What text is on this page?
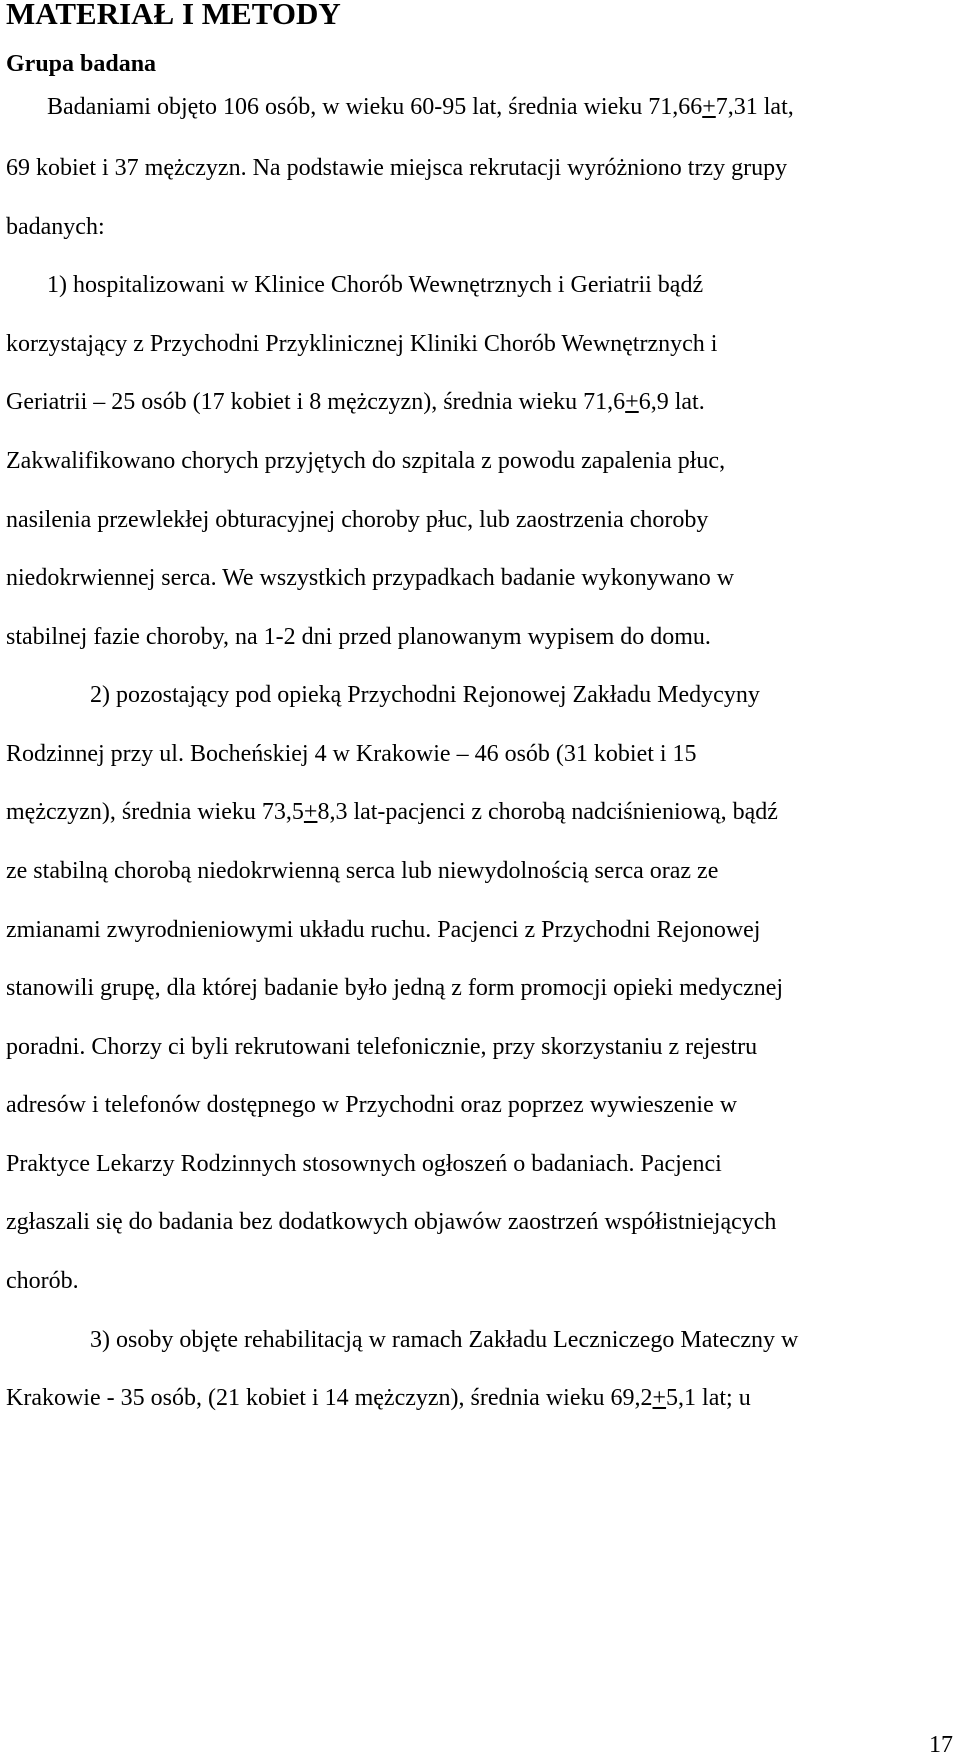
MATERIAŁ I METODY
Grupa badana

Badaniami objęto 106 osób, w wieku 60-95 lat, średnia wieku 71,66+7,31 lat,

69 kobiet i 37 mężczyzn. Na podstawie miejsca rekrutacji wyróżniono trzy grupy

badanych:

1) hospitalizowani w Klinice Chorób Wewnętrznych i Geriatrii bądź

korzystający z Przychodni Przyklinicznej Kliniki Chorób Wewnętrznych i

Geriatrii – 25 osób (17 kobiet i 8 mężczyzn), średnia wieku 71,6+6,9 lat.

Zakwalifikowano chorych przyjętych do szpitala z powodu zapalenia płuc,

nasilenia przewlekłej obturacyjnej choroby płuc, lub zaostrzenia choroby

niedokrwiennej serca. We wszystkich przypadkach badanie wykonywano w

stabilnej fazie choroby, na 1-2 dni przed planowanym wypisem do domu.

2) pozostający pod opieką Przychodni Rejonowej Zakładu Medycyny

Rodzinnej przy ul. Bocheńskiej 4 w Krakowie – 46 osób (31 kobiet i 15

mężczyzn), średnia wieku 73,5+8,3 lat-pacjenci z chorobą nadciśnieniową, bądź

ze stabilną chorobą niedokrwienną serca lub niewydolnością serca oraz ze

zmianami zwyrodnieniowymi układu ruchu. Pacjenci z Przychodni Rejonowej

stanowili grupę, dla której badanie było jedną z form promocji opieki medycznej

poradni. Chorzy ci byli rekrutowani telefonicznie, przy skorzystaniu z rejestru

adresów i telefonów dostępnego w Przychodni oraz poprzez wywieszenie w

Praktyce Lekarzy Rodzinnych stosownych ogłoszeń o badaniach. Pacjenci

zgłaszali się do badania bez dodatkowych objawów zaostrzeń współistniejących

chorób.

3) osoby objęte rehabilitacją w ramach Zakładu Leczniczego Mateczny w

Krakowie - 35 osób, (21 kobiet i 14 mężczyzn), średnia wieku 69,2+5,1 lat; u

17
